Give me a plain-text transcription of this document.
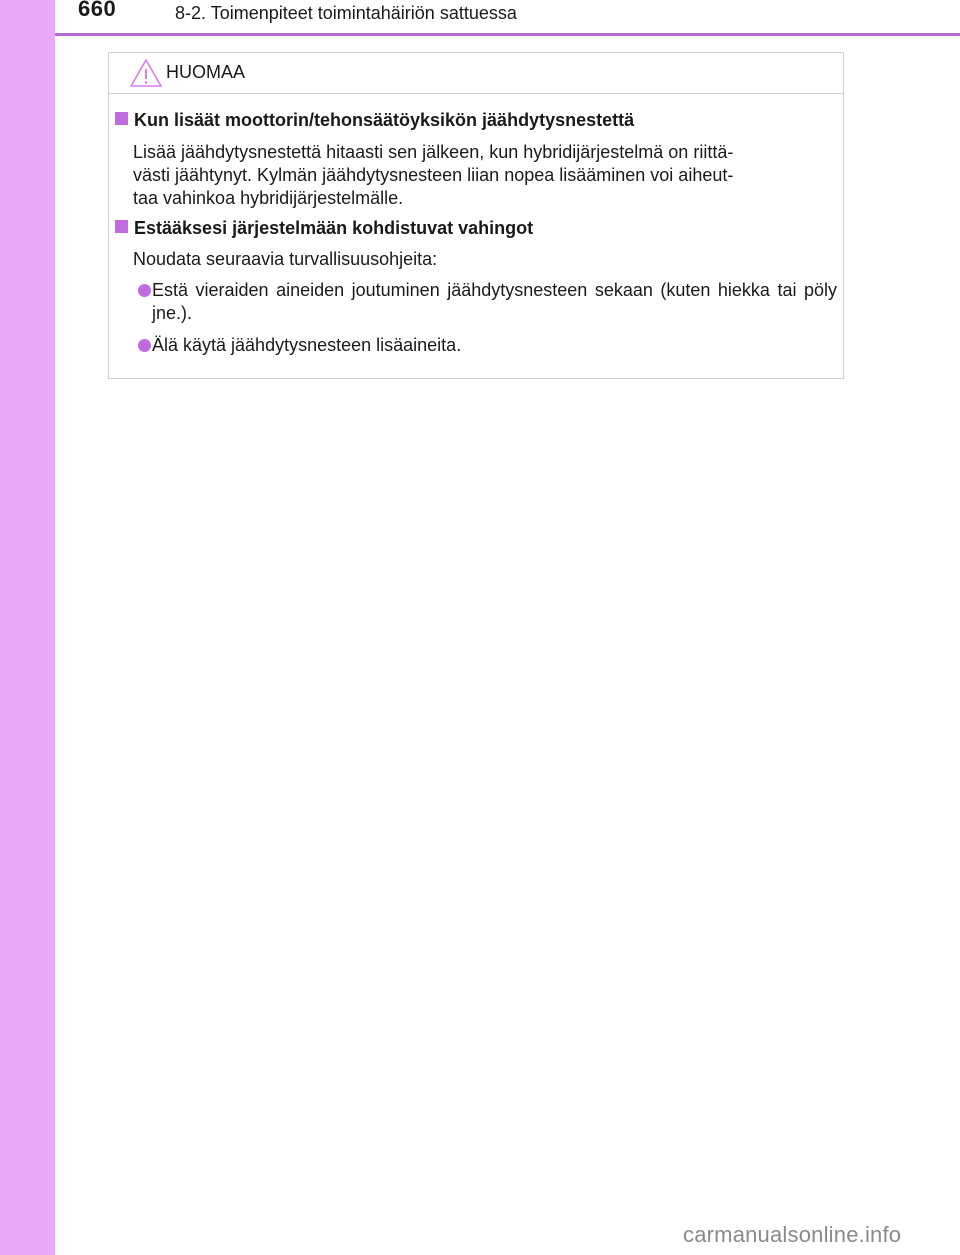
660	8-2. Toimenpiteet toimintahäiriön sattuessa
HUOMAA
Kun lisäät moottorin/tehonsäätöyksikön jäähdytysnestettä
Lisää jäähdytysnestettä hitaasti sen jälkeen, kun hybridijärjestelmä on riittä-
västi jäähtynyt. Kylmän jäähdytysnesteen liian nopea lisääminen voi aiheut-
taa vahinkoa hybridijärjestelmälle.
Estääksesi järjestelmään kohdistuvat vahingot
Noudata seuraavia turvallisuusohjeita:
Estä vieraiden aineiden joutuminen jäähdytysnesteen sekaan (kuten hiekka tai pöly jne.).
Älä käytä jäähdytysnesteen lisäaineita.
carmanualsonline.info
